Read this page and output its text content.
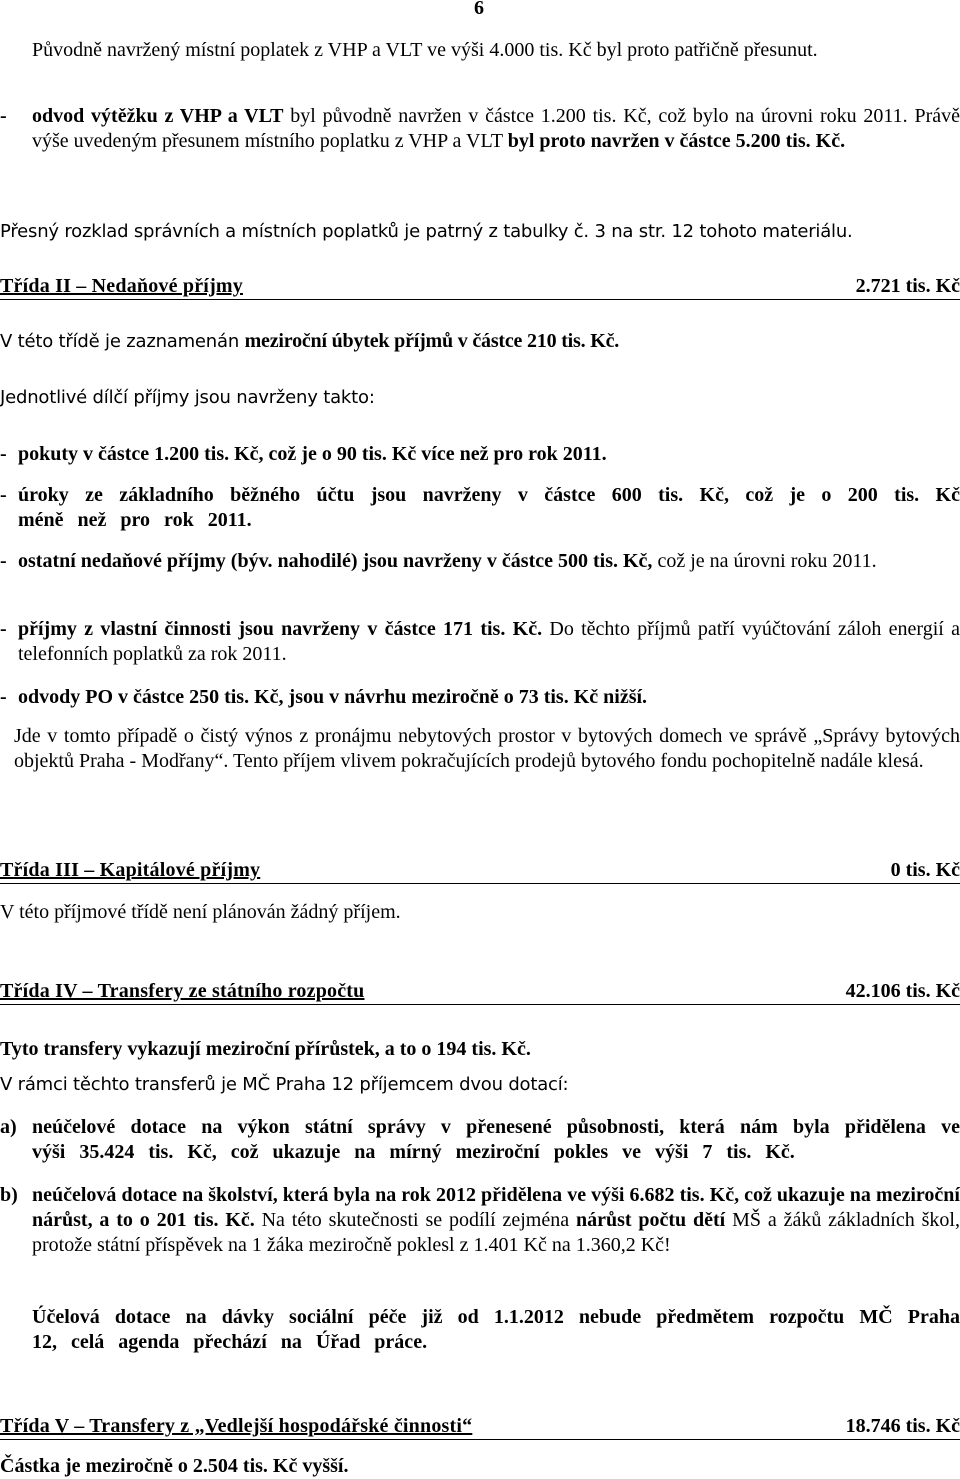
6

Původně navržený místní poplatek z VHP a VLT ve výši 4.000 tis. Kč byl proto patřičně přesunut.

-	odvod výtěžku z VHP a VLT byl původně navržen v částce 1.200 tis. Kč, což bylo na úrovni roku 2011. Právě výše uvedeným přesunem místního poplatku z VHP a VLT byl proto navržen v částce 5.200 tis. Kč.

Přesný rozklad správních a místních poplatků je patrný z tabulky č. 3 na str. 12 tohoto materiálu.

Třída II – Nedaňové příjmy	2.721 tis. Kč

V této třídě je zaznamenán meziroční úbytek příjmů v částce 210 tis. Kč.

Jednotlivé dílčí příjmy jsou navrženy takto:

- pokuty v částce 1.200 tis. Kč, což je o 90 tis. Kč více než pro rok 2011.
- úroky ze základního běžného účtu jsou navrženy v částce 600 tis. Kč, což je o 200 tis. Kč méně než pro rok 2011.
- ostatní nedaňové příjmy (býv. nahodilé) jsou navrženy v částce 500 tis. Kč, což je na úrovni roku 2011.
- příjmy z vlastní činnosti jsou navrženy v částce 171 tis. Kč. Do těchto příjmů patří vyúčtování záloh energií a telefonních poplatků za rok 2011.
- odvody PO v částce 250 tis. Kč, jsou v návrhu meziročně o 73 tis. Kč nižší.

Jde v tomto případě o čistý výnos z pronájmu nebytových prostor v bytových domech ve správě „Správy bytových objektů Praha - Modřany“. Tento příjem vlivem pokračujících prodejů bytového fondu pochopitelně nadále klesá.

Třída III – Kapitálové příjmy	0 tis. Kč

V této příjmové třídě není plánován žádný příjem.

Třída IV – Transfery ze státního rozpočtu	42.106 tis. Kč

Tyto transfery vykazují meziroční přírůstek, a to o 194 tis. Kč.

V rámci těchto transferů je MČ Praha 12 příjemcem dvou dotací:

a) neúčelové dotace na výkon státní správy v přenesené působnosti, která nám byla přidělena ve výši 35.424 tis. Kč, což ukazuje na mírný meziroční pokles ve výši 7 tis. Kč.
b) neúčelová dotace na školství, která byla na rok 2012 přidělena ve výši 6.682 tis. Kč, což ukazuje na meziroční nárůst, a to o 201 tis. Kč. Na této skutečnosti se podílí zejména nárůst počtu dětí MŠ a žáků základních škol, protože státní příspěvek na 1 žáka meziročně poklesl z 1.401 Kč na 1.360,2 Kč!

Účelová dotace na dávky sociální péče již od 1.1.2012 nebude předmětem rozpočtu MČ Praha 12, celá agenda přechází na Úřad práce.

Třída V – Transfery z „Vedlejší hospodářské činnosti“	18.746 tis. Kč

Částka je meziročně o 2.504 tis. Kč vyšší.
